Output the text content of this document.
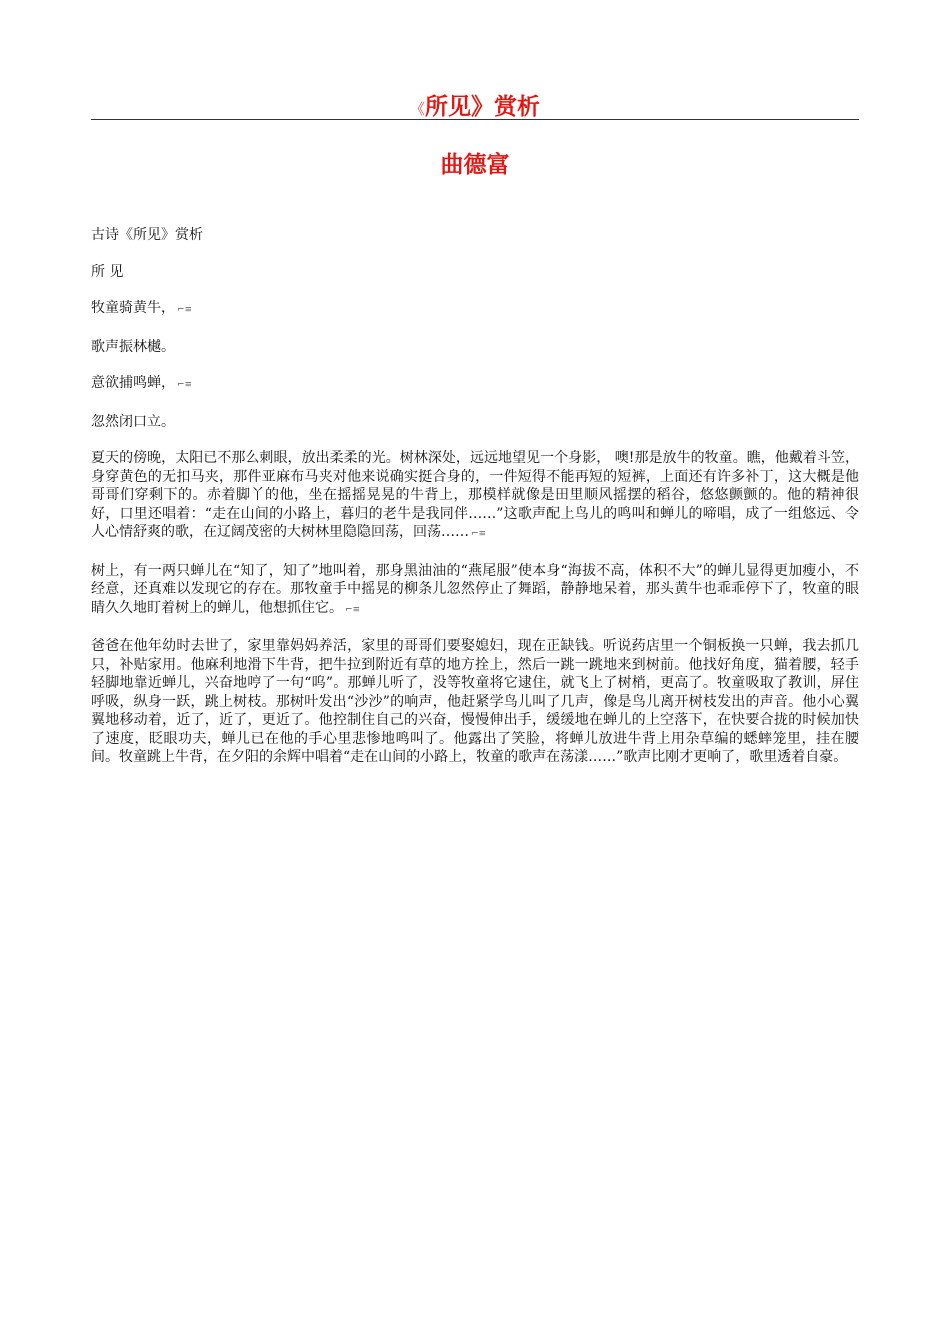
《所见》赏析
曲德富

古诗《所见》赏析

所 见

牧童骑黄牛， ⌐≡

歌声振林樾。

意欲捕鸣蝉， ⌐≡

忽然闭口立。

夏天的傍晚，太阳已不那么刺眼，放出柔柔的光。树林深处，远远地望见一个身影， 噢!那是放牛的牧童。瞧，他戴着斗笠，身穿黄色的无扣马夹，那件亚麻布马夹对他来说确实挺合身的，一件短得不能再短的短裤，上面还有许多补丁，这大概是他哥哥们穿剩下的。赤着脚丫的他，坐在摇摇晃晃的牛背上，那模样就像是田里顺风摇摆的稻谷，悠悠颤颤的。他的精神很好，口里还唱着：“走在山间的小路上，暮归的老牛是我同伴……”这歌声配上鸟儿的鸣叫和蝉儿的啼唱，成了一组悠远、令人心情舒爽的歌，在辽阔茂密的大树林里隐隐回荡，回荡…… ⌐≡

树上，有一两只蝉儿在“知了，知了”地叫着，那身黑油油的“燕尾服”使本身“海拔不高，体积不大”的蝉儿显得更加瘦小，不经意，还真难以发现它的存在。那牧童手中摇晃的柳条儿忽然停止了舞蹈，静静地呆着，那头黄牛也乖乖停下了，牧童的眼睛久久地盯着树上的蝉儿，他想抓住它。 ⌐≡

爸爸在他年幼时去世了，家里靠妈妈养活，家里的哥哥们要娶媳妇，现在正缺钱。听说药店里一个铜板换一只蝉，我去抓几只，补贴家用。他麻利地滑下牛背，把牛拉到附近有草的地方拴上，然后一跳一跳地来到树前。他找好角度，猫着腰，轻手轻脚地靠近蝉儿，兴奋地哼了一句“呜”。那蝉儿听了，没等牧童将它逮住，就飞上了树梢，更高了。牧童吸取了教训，屏住呼吸，纵身一跃，跳上树枝。那树叶发出“沙沙”的响声，他赶紧学鸟儿叫了几声，像是鸟儿离开树枝发出的声音。他小心翼翼地移动着，近了，近了，更近了。他控制住自己的兴奋，慢慢伸出手，缓缓地在蝉儿的上空落下，在快要合拢的时候加快了速度，眨眼功夫，蝉儿已在他的手心里悲惨地鸣叫了。他露出了笑脸，将蝉儿放进牛背上用杂草编的蟋蟀笼里，挂在腰间。牧童跳上牛背，在夕阳的余辉中唱着“走在山间的小路上，牧童的歌声在荡漾……”歌声比刚才更响了，歌里透着自豪。
